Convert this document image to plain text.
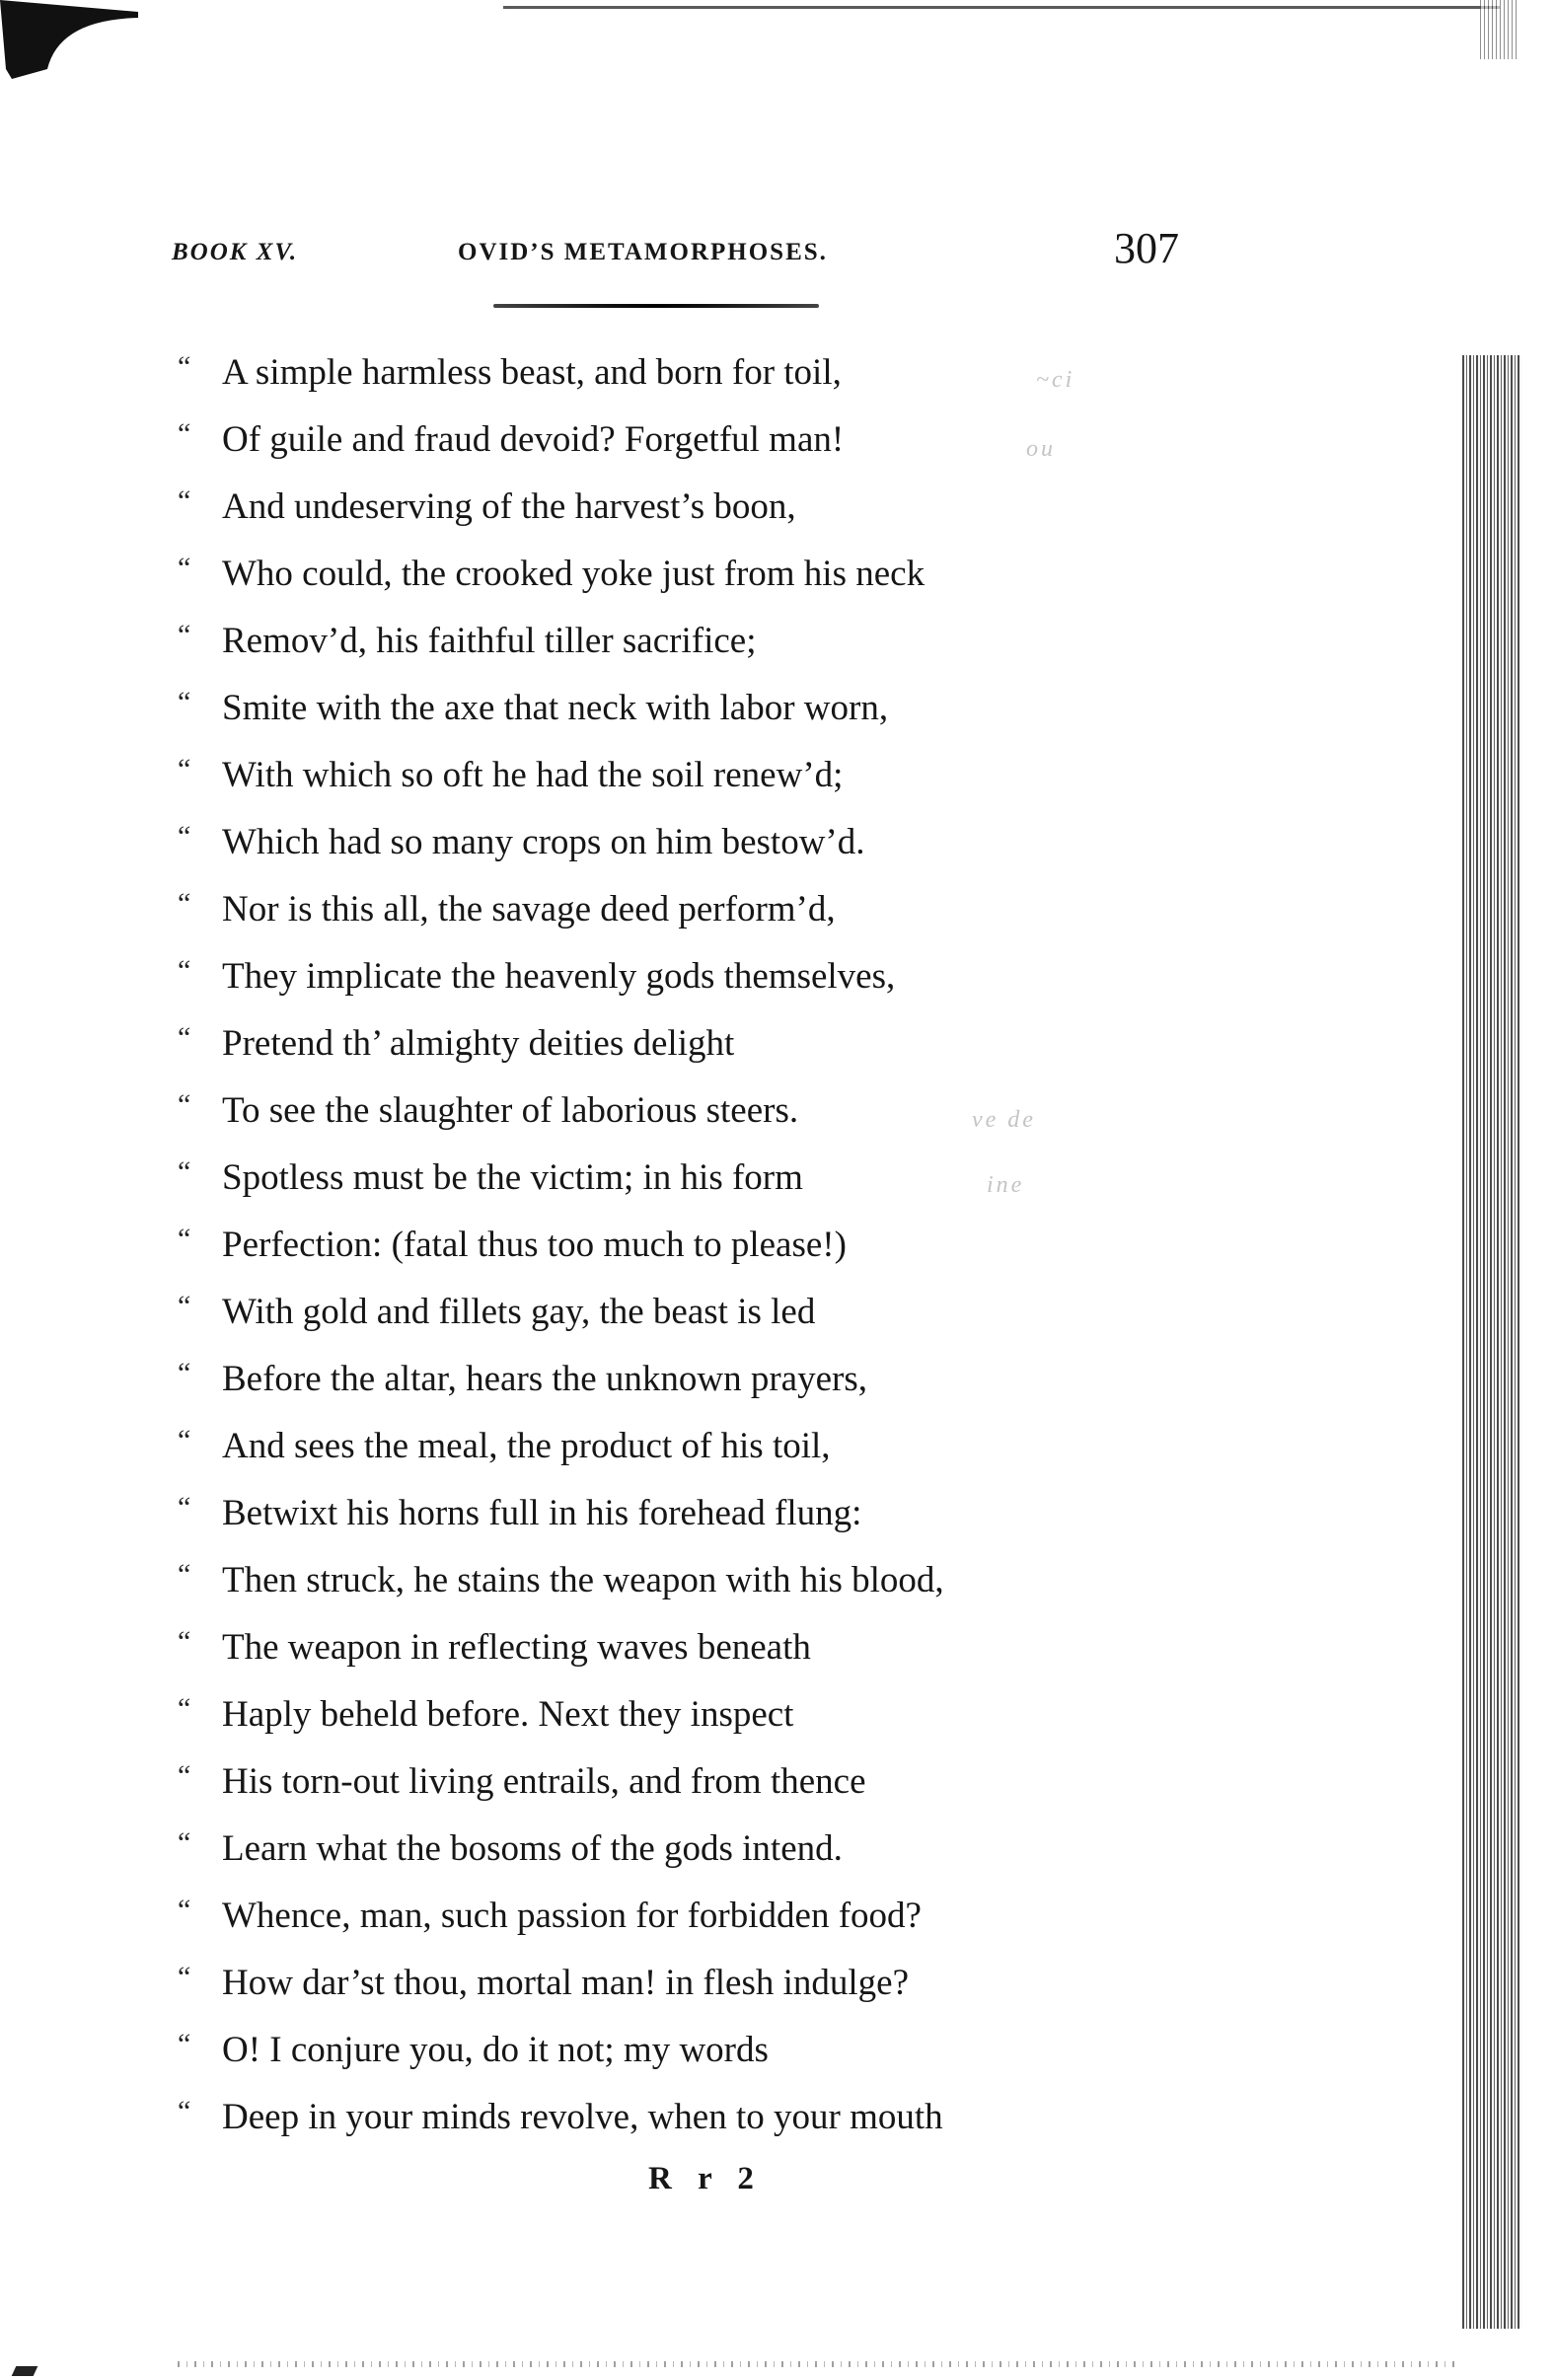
BOOK XV.	OVID’S METAMORPHOSES.	307
“ A simple harmless beast, and born for toil,
“ Of guile and fraud devoid? Forgetful man!
“ And undeserving of the harvest’s boon,
“ Who could, the crooked yoke just from his neck
“ Remov’d, his faithful tiller sacrifice;
“ Smite with the axe that neck with labor worn,
“ With which so oft he had the soil renew’d;
“ Which had so many crops on him bestow’d.
“ Nor is this all, the savage deed perform’d,
“ They implicate the heavenly gods themselves,
“ Pretend th’ almighty deities delight
“ To see the slaughter of laborious steers.
“ Spotless must be the victim; in his form
“ Perfection: (fatal thus too much to please!)
“ With gold and fillets gay, the beast is led
“ Before the altar, hears the unknown prayers,
“ And sees the meal, the product of his toil,
“ Betwixt his horns full in his forehead flung:
“ Then struck, he stains the weapon with his blood,
“ The weapon in reflecting waves beneath
“ Haply beheld before. Next they inspect
“ His torn-out living entrails, and from thence
“ Learn what the bosoms of the gods intend.
“ Whence, man, such passion for forbidden food?
“ How dar’st thou, mortal man! in flesh indulge?
“ O! I conjure you, do it not; my words
“ Deep in your minds revolve, when to your mouth
R r 2
~ci
ou
ve de
ine
